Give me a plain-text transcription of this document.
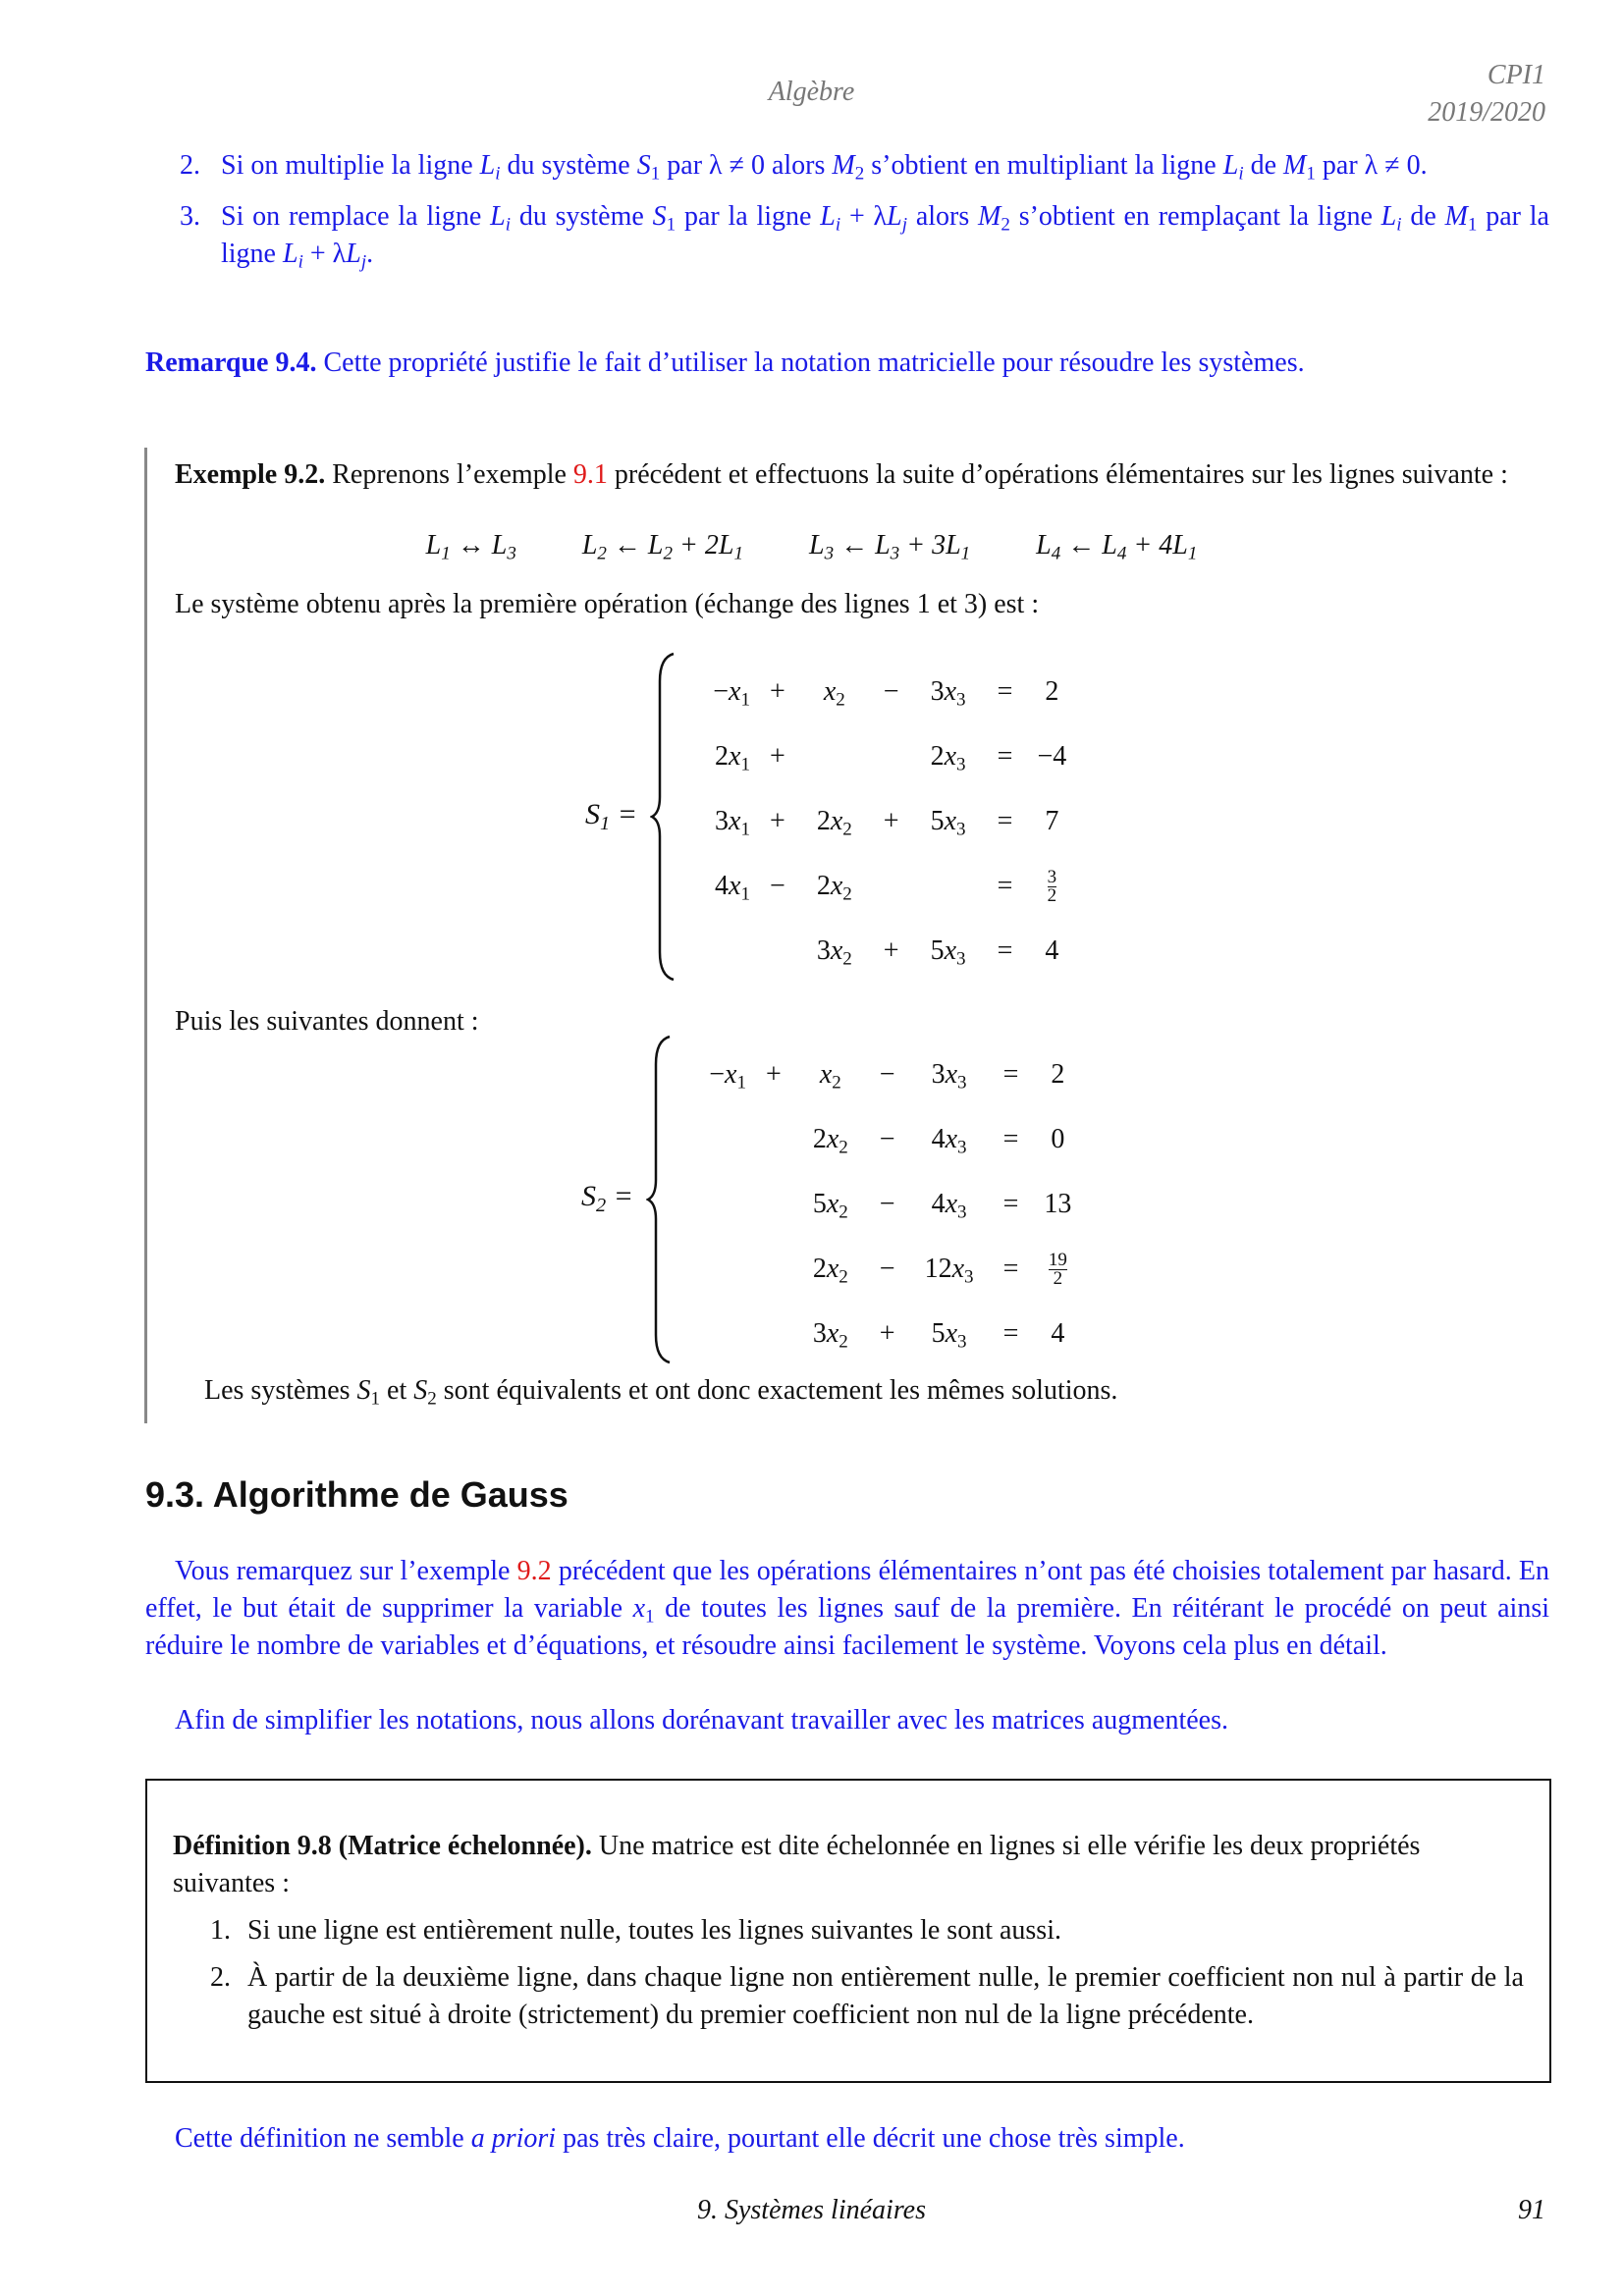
Algèbre
CPI1
2019/2020
2. Si on multiplie la ligne $L_i$ du système $S_1$ par λ ≠ 0 alors $M_2$ s’obtient en multipliant la ligne $L_i$ de $M_1$ par λ ≠ 0.
3. Si on remplace la ligne $L_i$ du système $S_1$ par la ligne $L_i + \lambda L_j$ alors $M_2$ s’obtient en remplaçant la ligne $L_i$ de $M_1$ par la ligne $L_i + \lambda L_j$.
Remarque 9.4. Cette propriété justifie le fait d’utiliser la notation matricielle pour résoudre les systèmes.
Exemple 9.2. Reprenons l’exemple 9.1 précédent et effectuons la suite d’opérations élémentaires sur les lignes suivante :
$L_1$ ↔ $L_3$ $L_2$ ← $L_2 + 2L_1$ $L_3$ ← $L_3 + 3L_1$ $L_4$ ← $L_4 + 4L_1$
Le système obtenu après la première opération (échange des lignes 1 et 3) est :
$S_1$ =
$-x_1$	+	$x_2$	−	$3x_3$	=	2
$2x_1$	+			$2x_3$	=	−4
$3x_1$	+	$2x_2$	+	$5x_3$	=	7
$4x_1$	−	$2x_2$			=	$\frac{3}{2}$

		$3x_2$	+	$5x_3$	=	4
Puis les suivantes donnent :
$S_2$ =
$-x_1$	+	$x_2$	−	$3x_3$	=	2
		$2x_2$	−	$4x_3$	=	0
		$5x_2$	−	$4x_3$	=	13
		$2x_2$	−	$12x_3$	=	$\frac{19}{2}$

		$3x_2$	+	$5x_3$	=	4
Les systèmes $S_1$ et $S_2$ sont équivalents et ont donc exactement les mêmes solutions.
9.3. Algorithme de Gauss
Vous remarquez sur l’exemple 9.2 précédent que les opérations élémentaires n’ont pas été choisies totalement par hasard. En effet, le but était de supprimer la variable $x_1$ de toutes les lignes sauf de la première. En réitérant le procédé on peut ainsi réduire le nombre de variables et d’équations, et résoudre ainsi facilement le système. Voyons cela plus en détail.
Afin de simplifier les notations, nous allons dorénavant travailler avec les matrices augmentées.
Définition 9.8 (Matrice échelonnée). Une matrice est dite échelonnée en lignes si elle vérifie les deux propriétés suivantes :
1. Si une ligne est entièrement nulle, toutes les lignes suivantes le sont aussi.
2. À partir de la deuxième ligne, dans chaque ligne non entièrement nulle, le premier coefficient non nul à partir de la gauche est situé à droite (strictement) du premier coefficient non nul de la ligne précédente.
Cette définition ne semble a priori pas très claire, pourtant elle décrit une chose très simple.
9. Systèmes linéaires	91
